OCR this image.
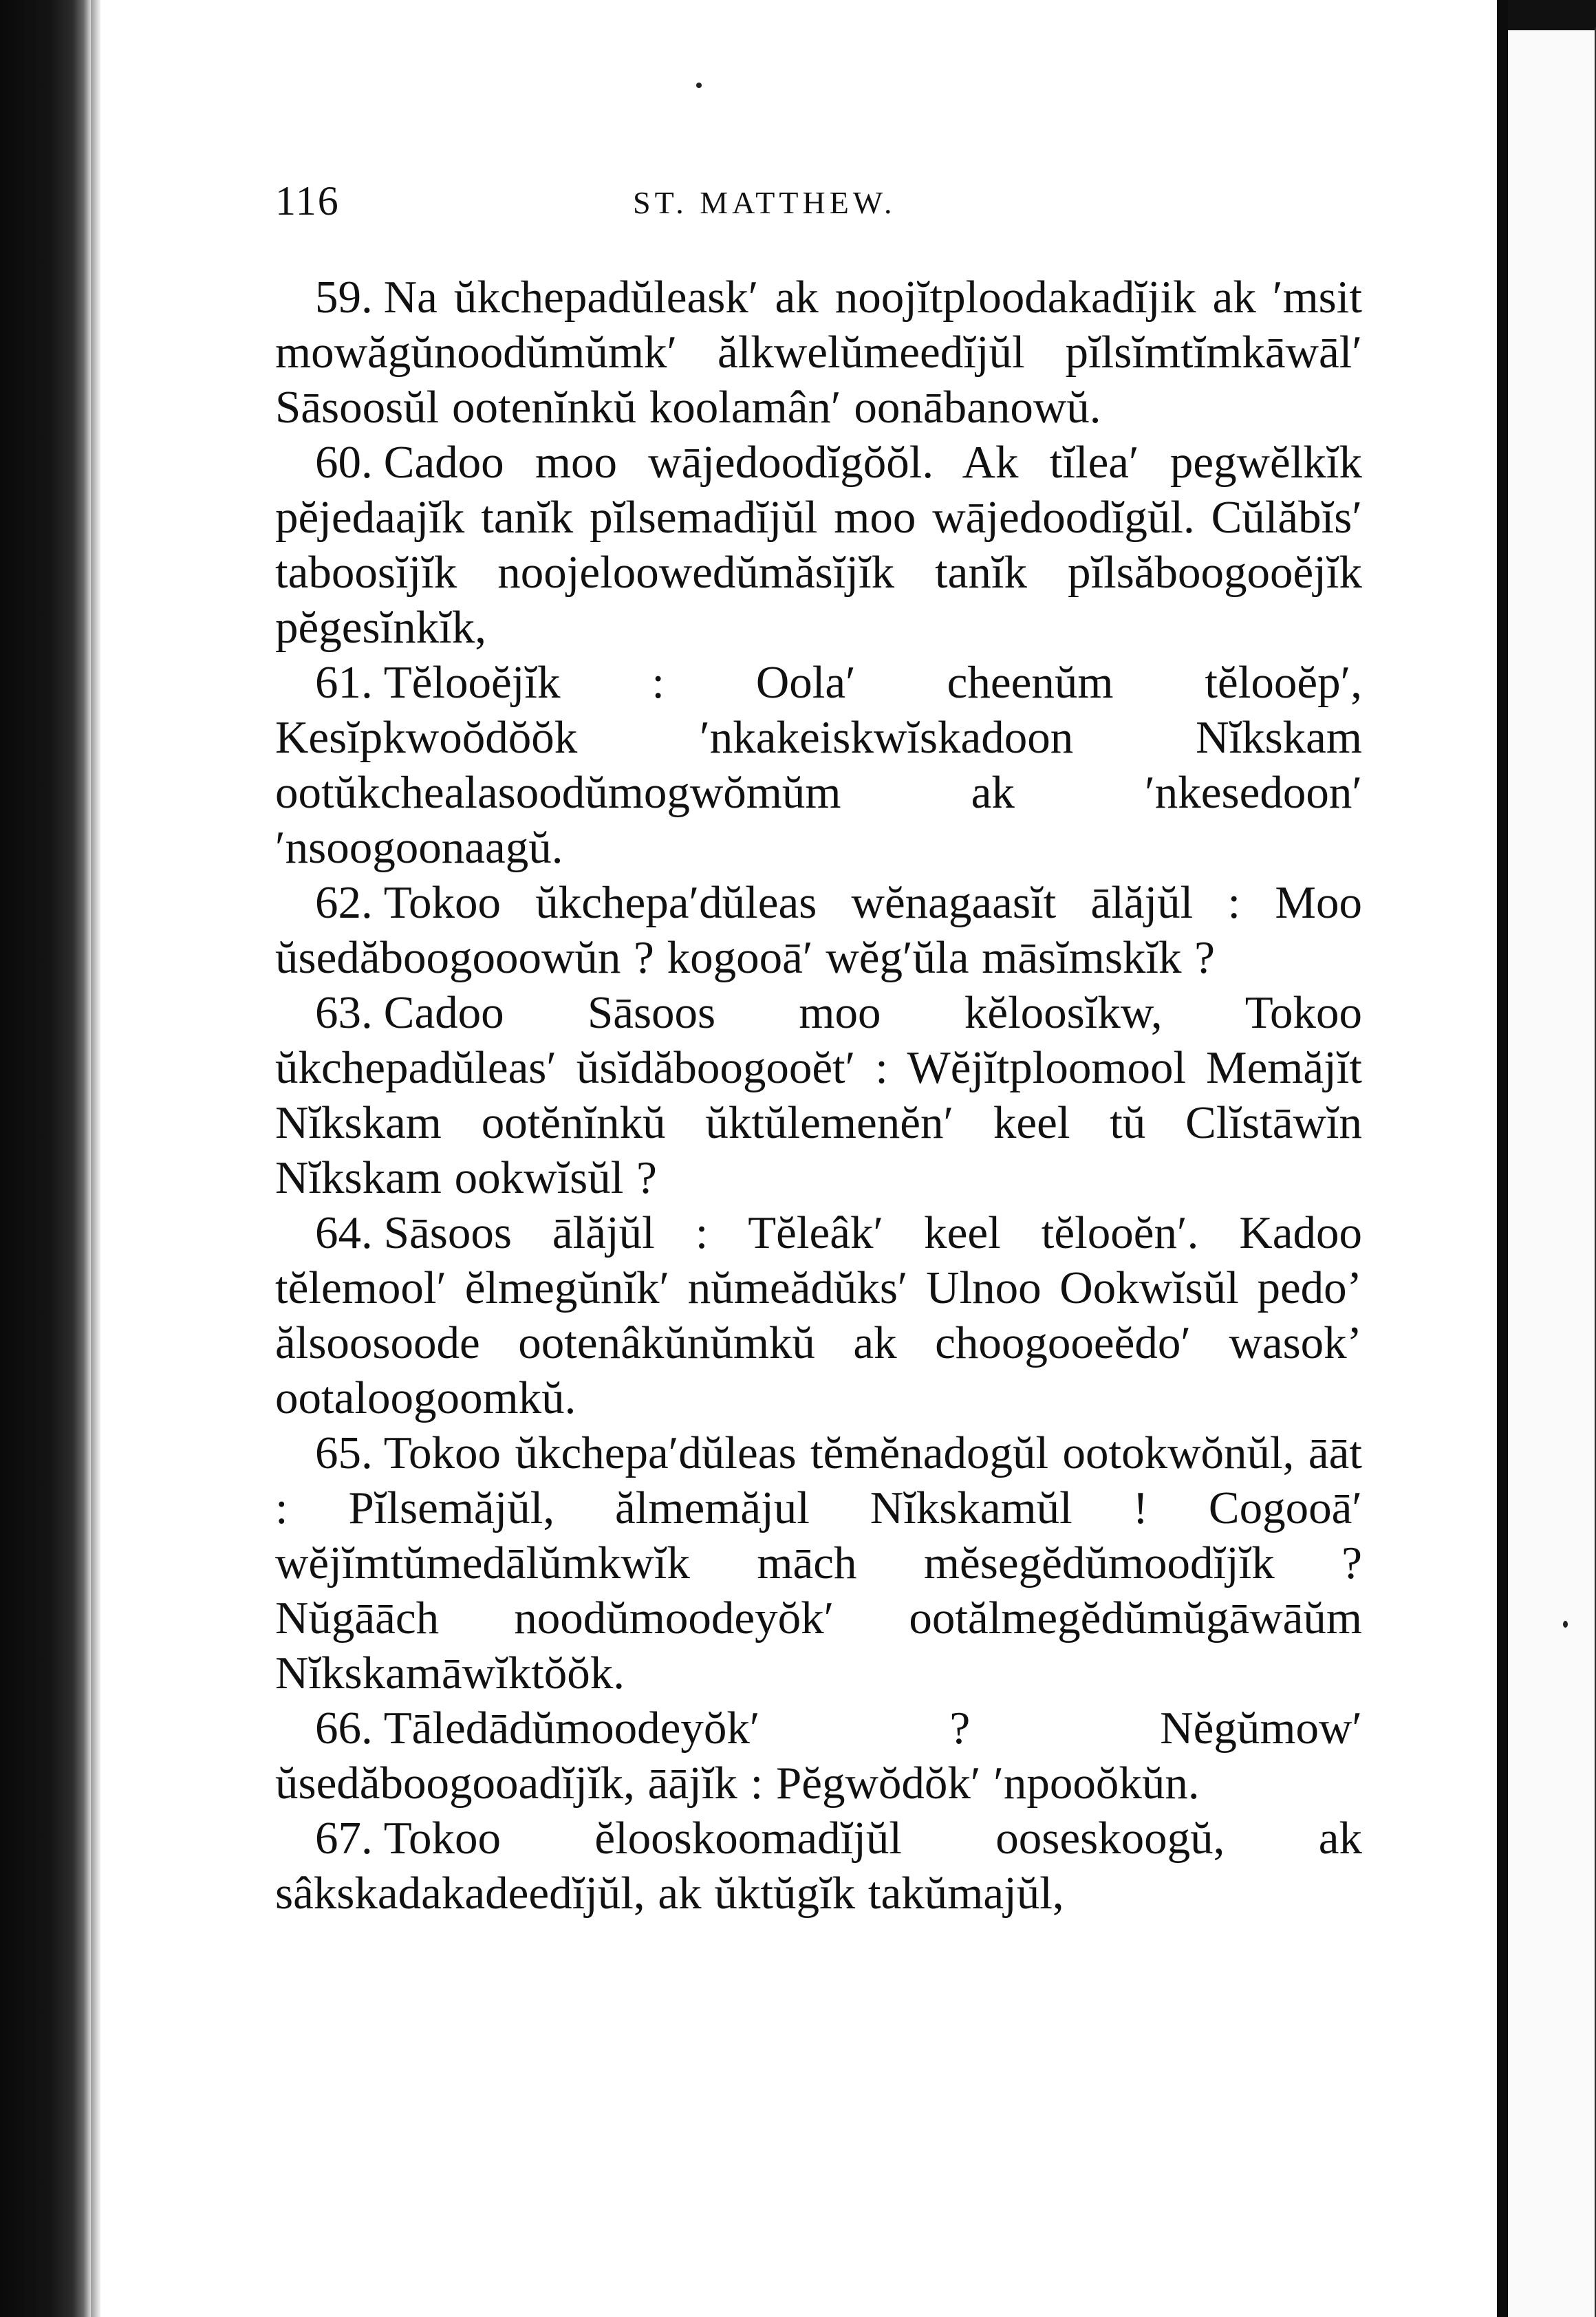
116	ST. MATTHEW.

59. Na ŭkchepadŭleask′ ak noojĭtploodakadĭjik ak ′msit mowăgŭnoodŭmŭmk′ ălkwelŭmeedĭjŭl pĭlsĭmtĭmkāwāl′ Sāsoosŭl ootenĭnkŭ koolamân′ oonābanowŭ.

60. Cadoo moo wājedoodĭgŏŏl. Ak tĭlea′ pegwĕlkĭk pĕjedaajĭk tanĭk pĭlsemadĭjŭl moo wājedoodĭgŭl. Cŭlăbĭs′ taboosĭjĭk noojeloowedŭmăsĭjĭk tanĭk pĭlsăboogooĕjĭk pĕgesĭnkĭk,

61. Tĕlooĕjĭk : Oola′ cheenŭm tĕlooĕp′, Kesĭpkwoŏdŏŏk ′nkakeiskwĭskadoon Nĭkskam ootŭkchealasoodŭmogwŏmŭm ak ′nkesedoon′ ′nsoogoonaagŭ.

62. Tokoo ŭkchepa′dŭleas wĕnagaasĭt ālăjŭl : Moo ŭsedăboogooowŭn ? kogooā′ wĕg′ŭla māsĭmskĭk ?

63. Cadoo Sāsoos moo kĕloosĭkw, Tokoo ŭkchepadŭleas′ ŭsĭdăboogooĕt′ : Wĕjĭtploomool Memăjĭt Nĭkskam ootĕnĭnkŭ ŭktŭlemenĕn′ keel tŭ Clĭstāwĭn Nĭkskam ookwĭsŭl ?

64. Sāsoos ālăjŭl : Tĕleâk′ keel tĕlooĕn′. Kadoo tĕlemool′ ĕlmegŭnĭk′ nŭmeădŭks′ Ulnoo Ookwĭsŭl pedo’ ălsoosoode ootenâkŭnŭmkŭ ak choogooeĕdo′ wasok’ ootaloogoomkŭ.

65. Tokoo ŭkchepa′dŭleas tĕmĕnadogŭl ootokwŏnŭl, āāt : Pĭlsemăjŭl, ălmemăjul Nĭkskamŭl ! Cogooā′ wĕjĭmtŭmedālŭmkwĭk māch mĕsegĕdŭmoodĭjĭk ? Nŭgāāch noodŭmoodeyŏk′ ootălmegĕdŭmŭgāwāŭm Nĭkskamāwĭktŏŏk.

66. Tāledādŭmoodeyŏk′ ? Nĕgŭmow′ ŭsedăboogooadĭjĭk, āājĭk : Pĕgwŏdŏk′ ′npooŏkŭn.

67. Tokoo ĕlooskoomadĭjŭl ooseskoogŭ, ak sâkskadakadeedĭjŭl, ak ŭktŭgĭk takŭmajŭl,
